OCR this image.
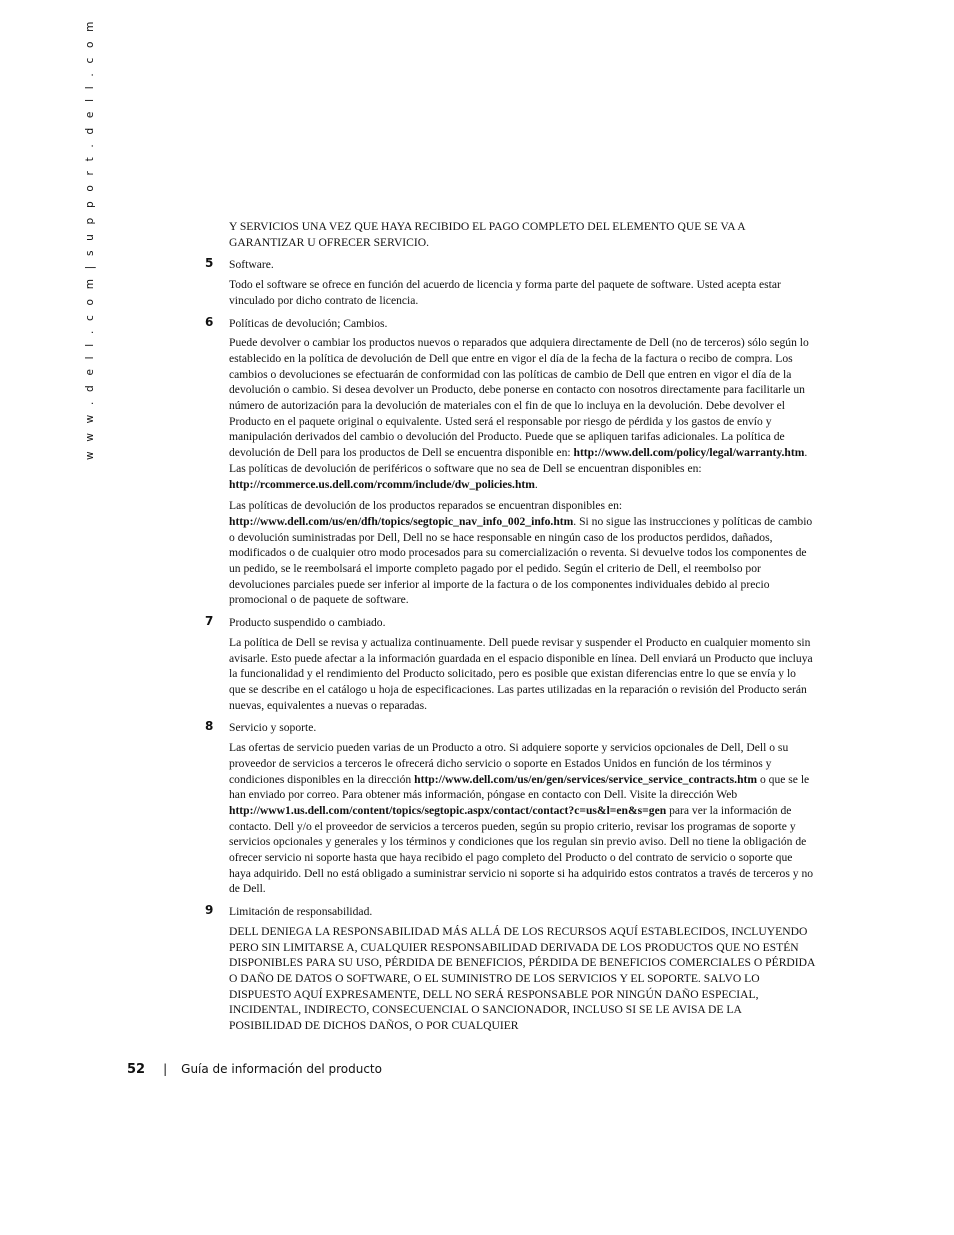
w w w . d e l l . c o m | s u p p o r t . d e l l . c o m	Y SERVICIOS UNA VEZ QUE HAYA RECIBIDO EL PAGO COMPLETO DEL ELEMENTO QUE SE VA A GARANTIZAR U OFRECER SERVICIO.

5 Software.

Todo el software se ofrece en función del acuerdo de licencia y forma parte del paquete de software. Usted acepta estar vinculado por dicho contrato de licencia.

6 Políticas de devolución; Cambios.

Puede devolver o cambiar los productos nuevos o reparados que adquiera directamente de Dell (no de terceros) sólo según lo establecido en la política de devolución de Dell que entre en vigor el día de la fecha de la factura o recibo de compra. Los cambios o devoluciones se efectuarán de conformidad con las políticas de cambio de Dell que entren en vigor el día de la devolución o cambio. Si desea devolver un Producto, debe ponerse en contacto con nosotros directamente para facilitarle un número de autorización para la devolución de materiales con el fin de que lo incluya en la devolución. Debe devolver el Producto en el paquete original o equivalente. Usted será el responsable por riesgo de pérdida y los gastos de envío y manipulación derivados del cambio o devolución del Producto. Puede que se apliquen tarifas adicionales. La política de devolución de Dell para los productos de Dell se encuentra disponible en: http://www.dell.com/policy/legal/warranty.htm. Las políticas de devolución de periféricos o software que no sea de Dell se encuentran disponibles en: http://rcommerce.us.dell.com/rcomm/include/dw_policies.htm.

Las políticas de devolución de los productos reparados se encuentran disponibles en: http://www.dell.com/us/en/dfh/topics/segtopic_nav_info_002_info.htm. Si no sigue las instrucciones y políticas de cambio o devolución suministradas por Dell, Dell no se hace responsable en ningún caso de los productos perdidos, dañados, modificados o de cualquier otro modo procesados para su comercialización o reventa. Si devuelve todos los componentes de un pedido, se le reembolsará el importe completo pagado por el pedido. Según el criterio de Dell, el reembolso por devoluciones parciales puede ser inferior al importe de la factura o de los componentes individuales debido al precio promocional o de paquete de software.

7 Producto suspendido o cambiado.

La política de Dell se revisa y actualiza continuamente. Dell puede revisar y suspender el Producto en cualquier momento sin avisarle. Esto puede afectar a la información guardada en el espacio disponible en línea. Dell enviará un Producto que incluya la funcionalidad y el rendimiento del Producto solicitado, pero es posible que existan diferencias entre lo que se envía y lo que se describe en el catálogo u hoja de especificaciones. Las partes utilizadas en la reparación o revisión del Producto serán nuevas, equivalentes a nuevas o reparadas.

8 Servicio y soporte.

Las ofertas de servicio pueden varias de un Producto a otro. Si adquiere soporte y servicios opcionales de Dell, Dell o su proveedor de servicios a terceros le ofrecerá dicho servicio o soporte en Estados Unidos en función de los términos y condiciones disponibles en la dirección http://www.dell.com/us/en/gen/services/service_service_contracts.htm o que se le han enviado por correo. Para obtener más información, póngase en contacto con Dell. Visite la dirección Web http://www1.us.dell.com/content/topics/segtopic.aspx/contact/contact?c=us&l=en&s=gen para ver la información de contacto. Dell y/o el proveedor de servicios a terceros pueden, según su propio criterio, revisar los programas de soporte y servicios opcionales y generales y los términos y condiciones que los regulan sin previo aviso. Dell no tiene la obligación de ofrecer servicio ni soporte hasta que haya recibido el pago completo del Producto o del contrato de servicio o soporte que haya adquirido. Dell no está obligado a suministrar servicio ni soporte si ha adquirido estos contratos a través de terceros y no de Dell.

9 Limitación de responsabilidad.

DELL DENIEGA LA RESPONSABILIDAD MÁS ALLÁ DE LOS RECURSOS AQUÍ ESTABLECIDOS, INCLUYENDO PERO SIN LIMITARSE A, CUALQUIER RESPONSABILIDAD DERIVADA DE LOS PRODUCTOS QUE NO ESTÉN DISPONIBLES PARA SU USO, PÉRDIDA DE BENEFICIOS, PÉRDIDA DE BENEFICIOS COMERCIALES O PÉRDIDA O DAÑO DE DATOS O SOFTWARE, O EL SUMINISTRO DE LOS SERVICIOS Y EL SOPORTE. SALVO LO DISPUESTO AQUÍ EXPRESAMENTE, DELL NO SERÁ RESPONSABLE POR NINGÚN DAÑO ESPECIAL, INCIDENTAL, INDIRECTO, CONSECUENCIAL O SANCIONADOR, INCLUSO SI SE LE AVISA DE LA POSIBILIDAD DE DICHOS DAÑOS, O POR CUALQUIER

52 | Guía de información del producto
